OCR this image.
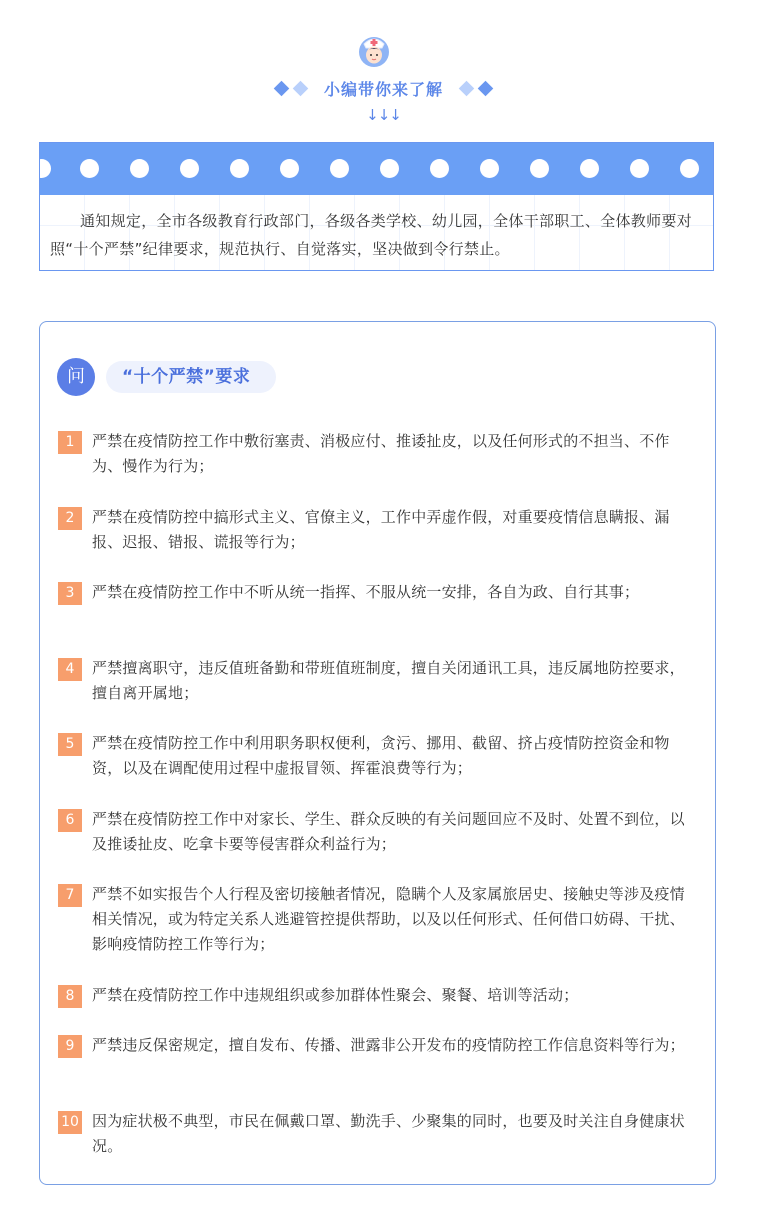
小编带你来了解
↓↓↓
通知规定，全市各级教育行政部门，各级各类学校、幼儿园，全体干部职工、全体教师要对照“十个严禁”纪律要求，规范执行、自觉落实，坚决做到令行禁止。
问	“十个严禁”要求
1	严禁在疫情防控工作中敷衍塞责、消极应付、推诿扯皮，以及任何形式的不担当、不作为、慢作为行为；
2	严禁在疫情防控中搞形式主义、官僚主义，工作中弄虚作假，对重要疫情信息瞒报、漏报、迟报、错报、谎报等行为；
3	严禁在疫情防控工作中不听从统一指挥、不服从统一安排，各自为政、自行其事；
4	严禁擅离职守，违反值班备勤和带班值班制度，擅自关闭通讯工具，违反属地防控要求，擅自离开属地；
5	严禁在疫情防控工作中利用职务职权便利，贪污、挪用、截留、挤占疫情防控资金和物资，以及在调配使用过程中虚报冒领、挥霍浪费等行为；
6	严禁在疫情防控工作中对家长、学生、群众反映的有关问题回应不及时、处置不到位，以及推诿扯皮、吃拿卡要等侵害群众利益行为；
7	严禁不如实报告个人行程及密切接触者情况，隐瞒个人及家属旅居史、接触史等涉及疫情相关情况，或为特定关系人逃避管控提供帮助，以及以任何形式、任何借口妨碍、干扰、影响疫情防控工作等行为；
8	严禁在疫情防控工作中违规组织或参加群体性聚会、聚餐、培训等活动；
9	严禁违反保密规定，擅自发布、传播、泄露非公开发布的疫情防控工作信息资料等行为；
10 因为症状极不典型，市民在佩戴口罩、勤洗手、少聚集的同时，也要及时关注自身健康状况。
